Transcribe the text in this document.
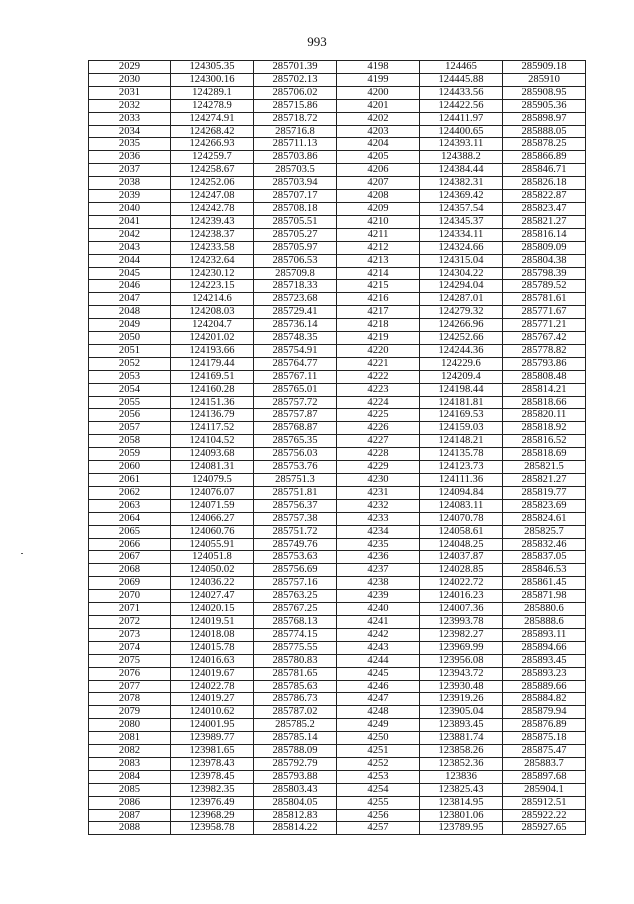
993
2029	124305.35	285701.39	4198	124465	285909.18
2030	124300.16	285702.13	4199	124445.88	285910
2031	124289.1	285706.02	4200	124433.56	285908.95
2032	124278.9	285715.86	4201	124422.56	285905.36
2033	124274.91	285718.72	4202	124411.97	285898.97
2034	124268.42	285716.8	4203	124400.65	285888.05
2035	124266.93	285711.13	4204	124393.11	285878.25
2036	124259.7	285703.86	4205	124388.2	285866.89
2037	124258.67	285703.5	4206	124384.44	285846.71
2038	124252.06	285703.94	4207	124382.31	285826.18
2039	124247.08	285707.17	4208	124369.42	285822.87
2040	124242.78	285708.18	4209	124357.54	285823.47
2041	124239.43	285705.51	4210	124345.37	285821.27
2042	124238.37	285705.27	4211	124334.11	285816.14
2043	124233.58	285705.97	4212	124324.66	285809.09
2044	124232.64	285706.53	4213	124315.04	285804.38
2045	124230.12	285709.8	4214	124304.22	285798.39
2046	124223.15	285718.33	4215	124294.04	285789.52
2047	124214.6	285723.68	4216	124287.01	285781.61
2048	124208.03	285729.41	4217	124279.32	285771.67
2049	124204.7	285736.14	4218	124266.96	285771.21
2050	124201.02	285748.35	4219	124252.66	285767.42
2051	124193.66	285754.91	4220	124244.36	285778.82
2052	124179.44	285764.77	4221	124229.6	285793.86
2053	124169.51	285767.11	4222	124209.4	285808.48
2054	124160.28	285765.01	4223	124198.44	285814.21
2055	124151.36	285757.72	4224	124181.81	285818.66
2056	124136.79	285757.87	4225	124169.53	285820.11
2057	124117.52	285768.87	4226	124159.03	285818.92
2058	124104.52	285765.35	4227	124148.21	285816.52
2059	124093.68	285756.03	4228	124135.78	285818.69
2060	124081.31	285753.76	4229	124123.73	285821.5
2061	124079.5	285751.3	4230	124111.36	285821.27
2062	124076.07	285751.81	4231	124094.84	285819.77
2063	124071.59	285756.37	4232	124083.11	285823.69
2064	124066.27	285757.38	4233	124070.78	285824.61
2065	124060.76	285751.72	4234	124058.61	285825.7
2066	124055.91	285749.76	4235	124048.25	285832.46
2067	124051.8	285753.63	4236	124037.87	285837.05
2068	124050.02	285756.69	4237	124028.85	285846.53
2069	124036.22	285757.16	4238	124022.72	285861.45
2070	124027.47	285763.25	4239	124016.23	285871.98
2071	124020.15	285767.25	4240	124007.36	285880.6
2072	124019.51	285768.13	4241	123993.78	285888.6
2073	124018.08	285774.15	4242	123982.27	285893.11
2074	124015.78	285775.55	4243	123969.99	285894.66
2075	124016.63	285780.83	4244	123956.08	285893.45
2076	124019.67	285781.65	4245	123943.72	285893.23
2077	124022.78	285785.63	4246	123930.48	285889.66
2078	124019.27	285786.73	4247	123919.26	285884.82
2079	124010.62	285787.02	4248	123905.04	285879.94
2080	124001.95	285785.2	4249	123893.45	285876.89
2081	123989.77	285785.14	4250	123881.74	285875.18
2082	123981.65	285788.09	4251	123858.26	285875.47
2083	123978.43	285792.79	4252	123852.36	285883.7
2084	123978.45	285793.88	4253	123836	285897.68
2085	123982.35	285803.43	4254	123825.43	285904.1
2086	123976.49	285804.05	4255	123814.95	285912.51
2087	123968.29	285812.83	4256	123801.06	285922.22
2088	123958.78	285814.22	4257	123789.95	285927.65
